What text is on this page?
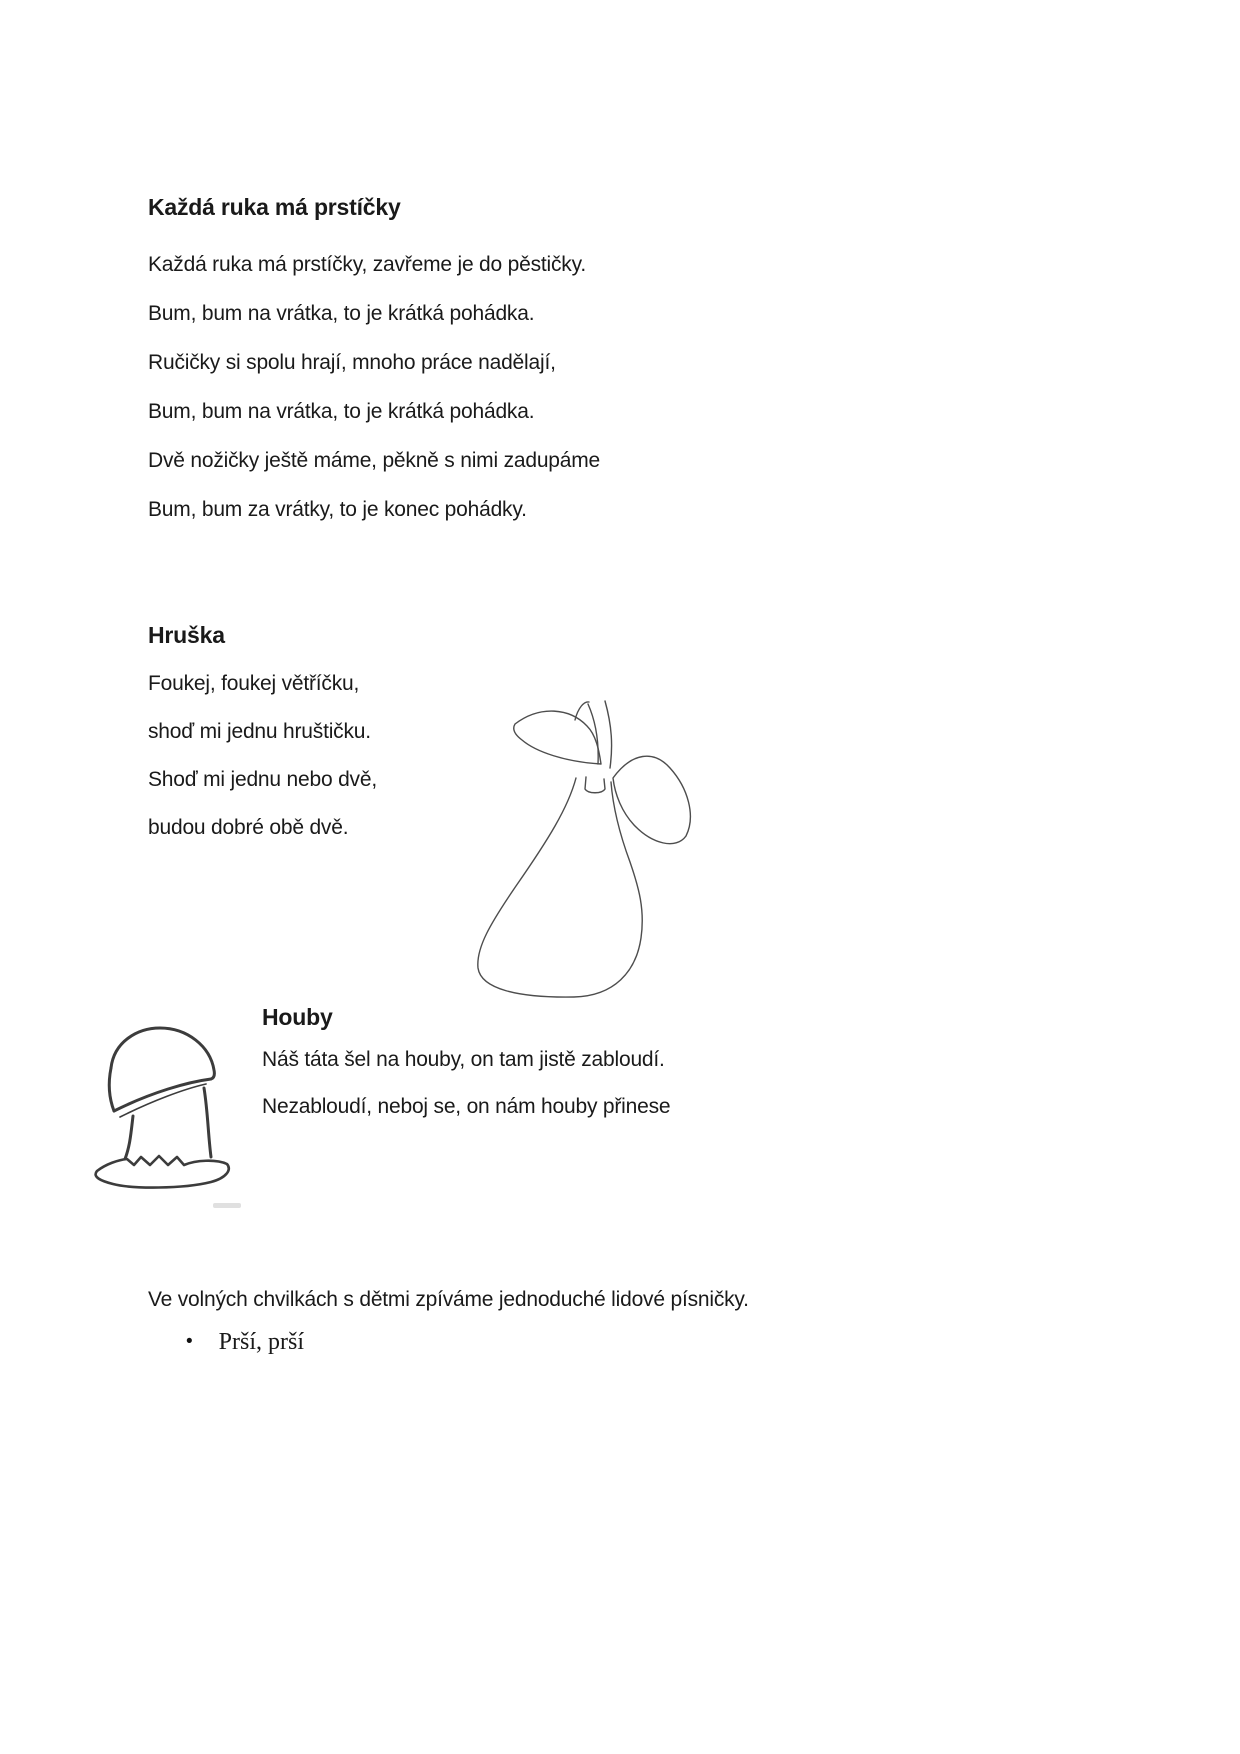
Každá ruka má prstíčky
Každá ruka má prstíčky, zavřeme je do pěstičky.
Bum, bum na vrátka, to je krátká pohádka.
Ručičky si spolu hrají, mnoho práce nadělají,
Bum, bum na vrátka, to je krátká pohádka.
Dvě nožičky ještě máme, pěkně s nimi zadupáme
Bum, bum za vrátky, to je konec pohádky.
Hruška
Foukej, foukej větříčku,
shoď mi jednu hruštičku.
Shoď mi jednu nebo dvě,
budou dobré obě dvě.
Houby
Náš táta šel na houby, on tam jistě zabloudí.
Nezabloudí, neboj se, on nám houby přinese
Ve volných chvilkách s dětmi zpíváme jednoduché lidové písničky.
• Prší, prší
